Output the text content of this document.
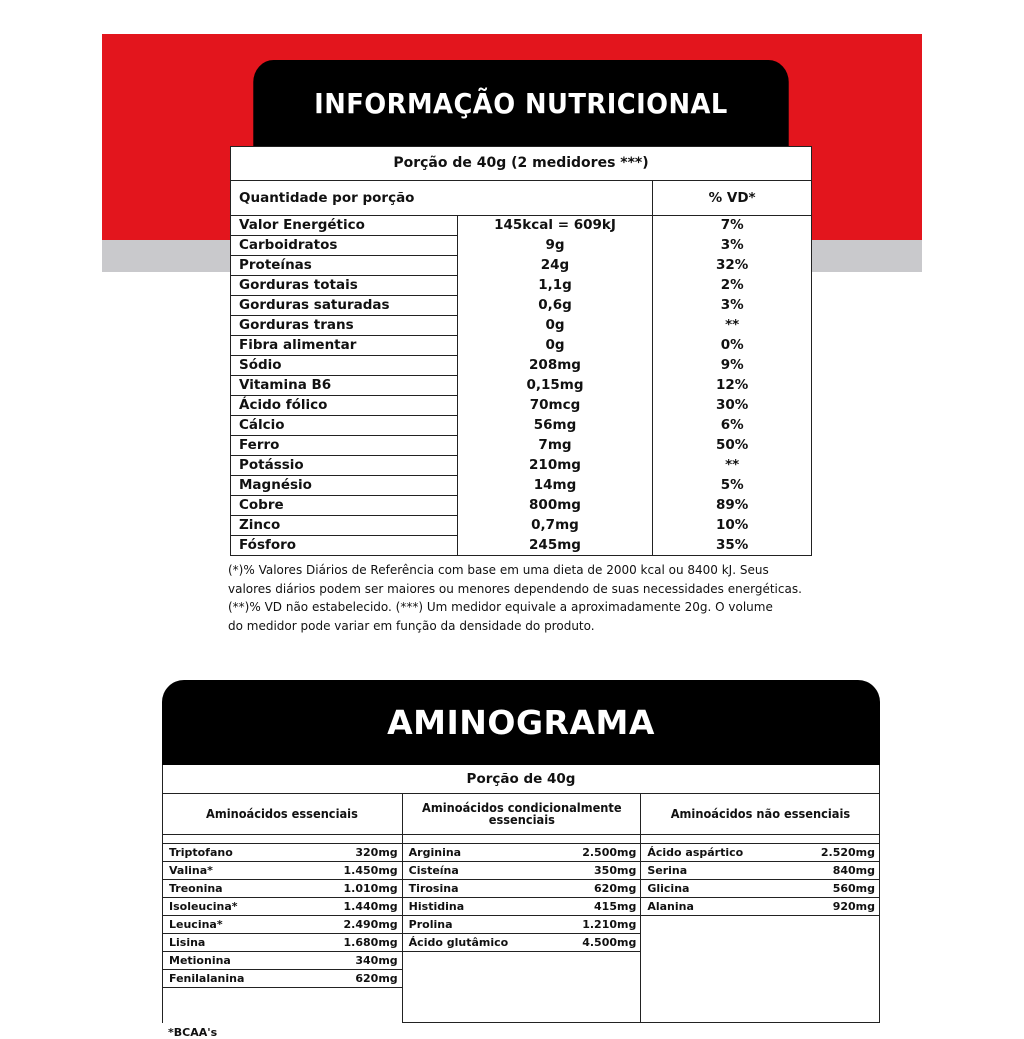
INFORMAÇÃO NUTRICIONAL
Porção de 40g (2 medidores ***)		
Quantidade por porção		% VD*
Valor Energético	145kcal = 609kJ	7%
Carboidratos	9g	3%
Proteínas	24g	32%
Gorduras totais	1,1g	2%
Gorduras saturadas	0,6g	3%
Gorduras trans	0g	**
Fibra alimentar	0g	0%
Sódio	208mg	9%
Vitamina B6	0,15mg	12%
Ácido fólico	70mcg	30%
Cálcio	56mg	6%
Ferro	7mg	50%
Potássio	210mg	**
Magnésio	14mg	5%
Cobre	800mg	89%
Zinco	0,7mg	10%
Fósforo	245mg	35%
(*)% Valores Diários de Referência com base em uma dieta de 2000 kcal ou 8400 kJ. Seus
valores diários podem ser maiores ou menores dependendo de suas necessidades energéticas.
(**)% VD não estabelecido. (***) Um medidor equivale a aproximadamente 20g. O volume
do medidor pode variar em função da densidade do produto.
AMINOGRAMA
Porção de 40g
Aminoácidos essenciais
Triptofano	320mg
Valina*	1.450mg
Treonina	1.010mg
Isoleucina*	1.440mg
Leucina*	2.490mg
Lisina	1.680mg
Metionina	340mg
Fenilalanina	620mg
Aminoácidos condicionalmente essenciais
Arginina	2.500mg
Cisteína	350mg
Tirosina	620mg
Histidina	415mg
Prolina	1.210mg
Ácido glutâmico	4.500mg
Aminoácidos não essenciais
Ácido aspártico	2.520mg
Serina	840mg
Glicina	560mg
Alanina	920mg
*BCAA's
